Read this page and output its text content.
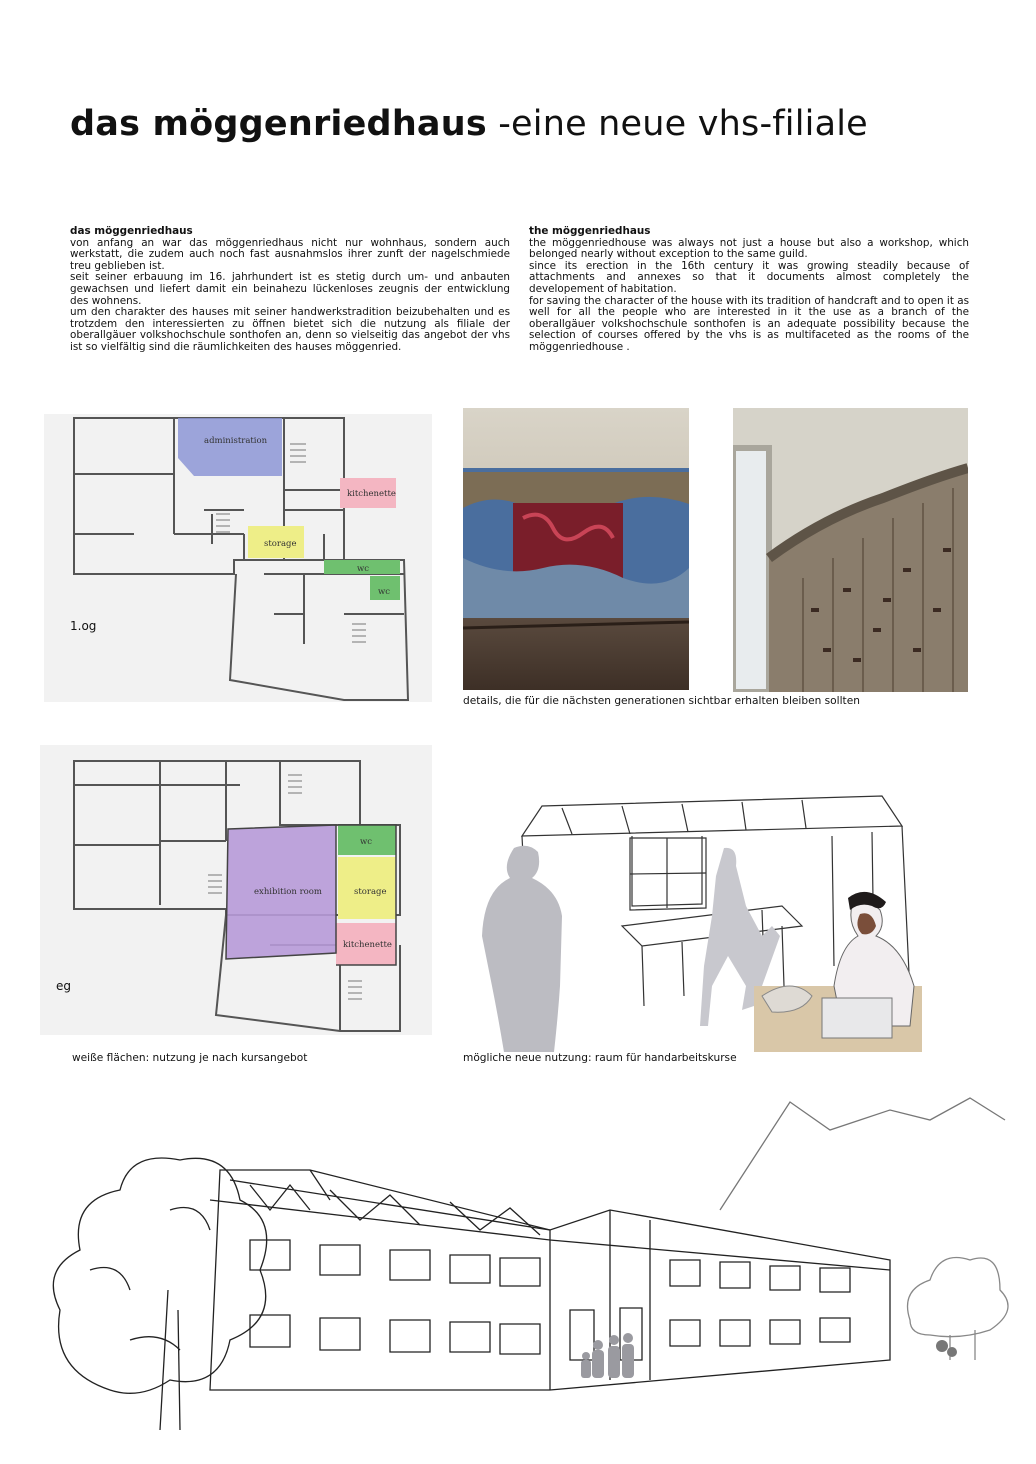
das möggenriedhaus -eine neue vhs-filiale
das möggenriedhaus

von anfang an war das möggenriedhaus nicht nur wohnhaus, sondern auch werkstatt, die zudem auch noch fast ausnahmslos ihrer zunft der nagelschmiede treu geblieben ist.

seit seiner erbauung im 16. jahrhundert ist es stetig durch um- und anbauten gewachsen und liefert damit ein beinahezu lückenloses zeugnis der entwicklung des wohnens.

um den charakter des hauses mit seiner handwerkstradition beizubehalten und es trotzdem den interessierten zu öffnen bietet sich die nutzung als filiale der oberallgäuer volkshochschule sonthofen an, denn so vielseitig das angebot der vhs ist so vielfältig sind die räumlichkeiten des hauses möggenried.

the möggenriedhaus

the möggenriedhouse was always not just a house but also a workshop, which belonged nearly without exception to the same guild.

since its erection in the 16th century it was growing steadily because of attachments and annexes so that it documents almost completely the developement of habitation.

for saving the character of the house with its tradition of handcraft and to open it as well for all the people who are interested in it the use as a branch of the oberallgäuer volkshochschule sonthofen is an adequate possibility because the selection of courses offered by the vhs is as multifaceted as the rooms of the möggenriedhouse .

administration
kitchenette
storage
wc
wc
1.og
details, die für die nächsten generationen sichtbar erhalten bleiben sollten
wc
exhibition room	storage
kitchenette
eg
weiße flächen: nutzung je nach kursangebot	mögliche neue nutzung: raum für handarbeitskurse
